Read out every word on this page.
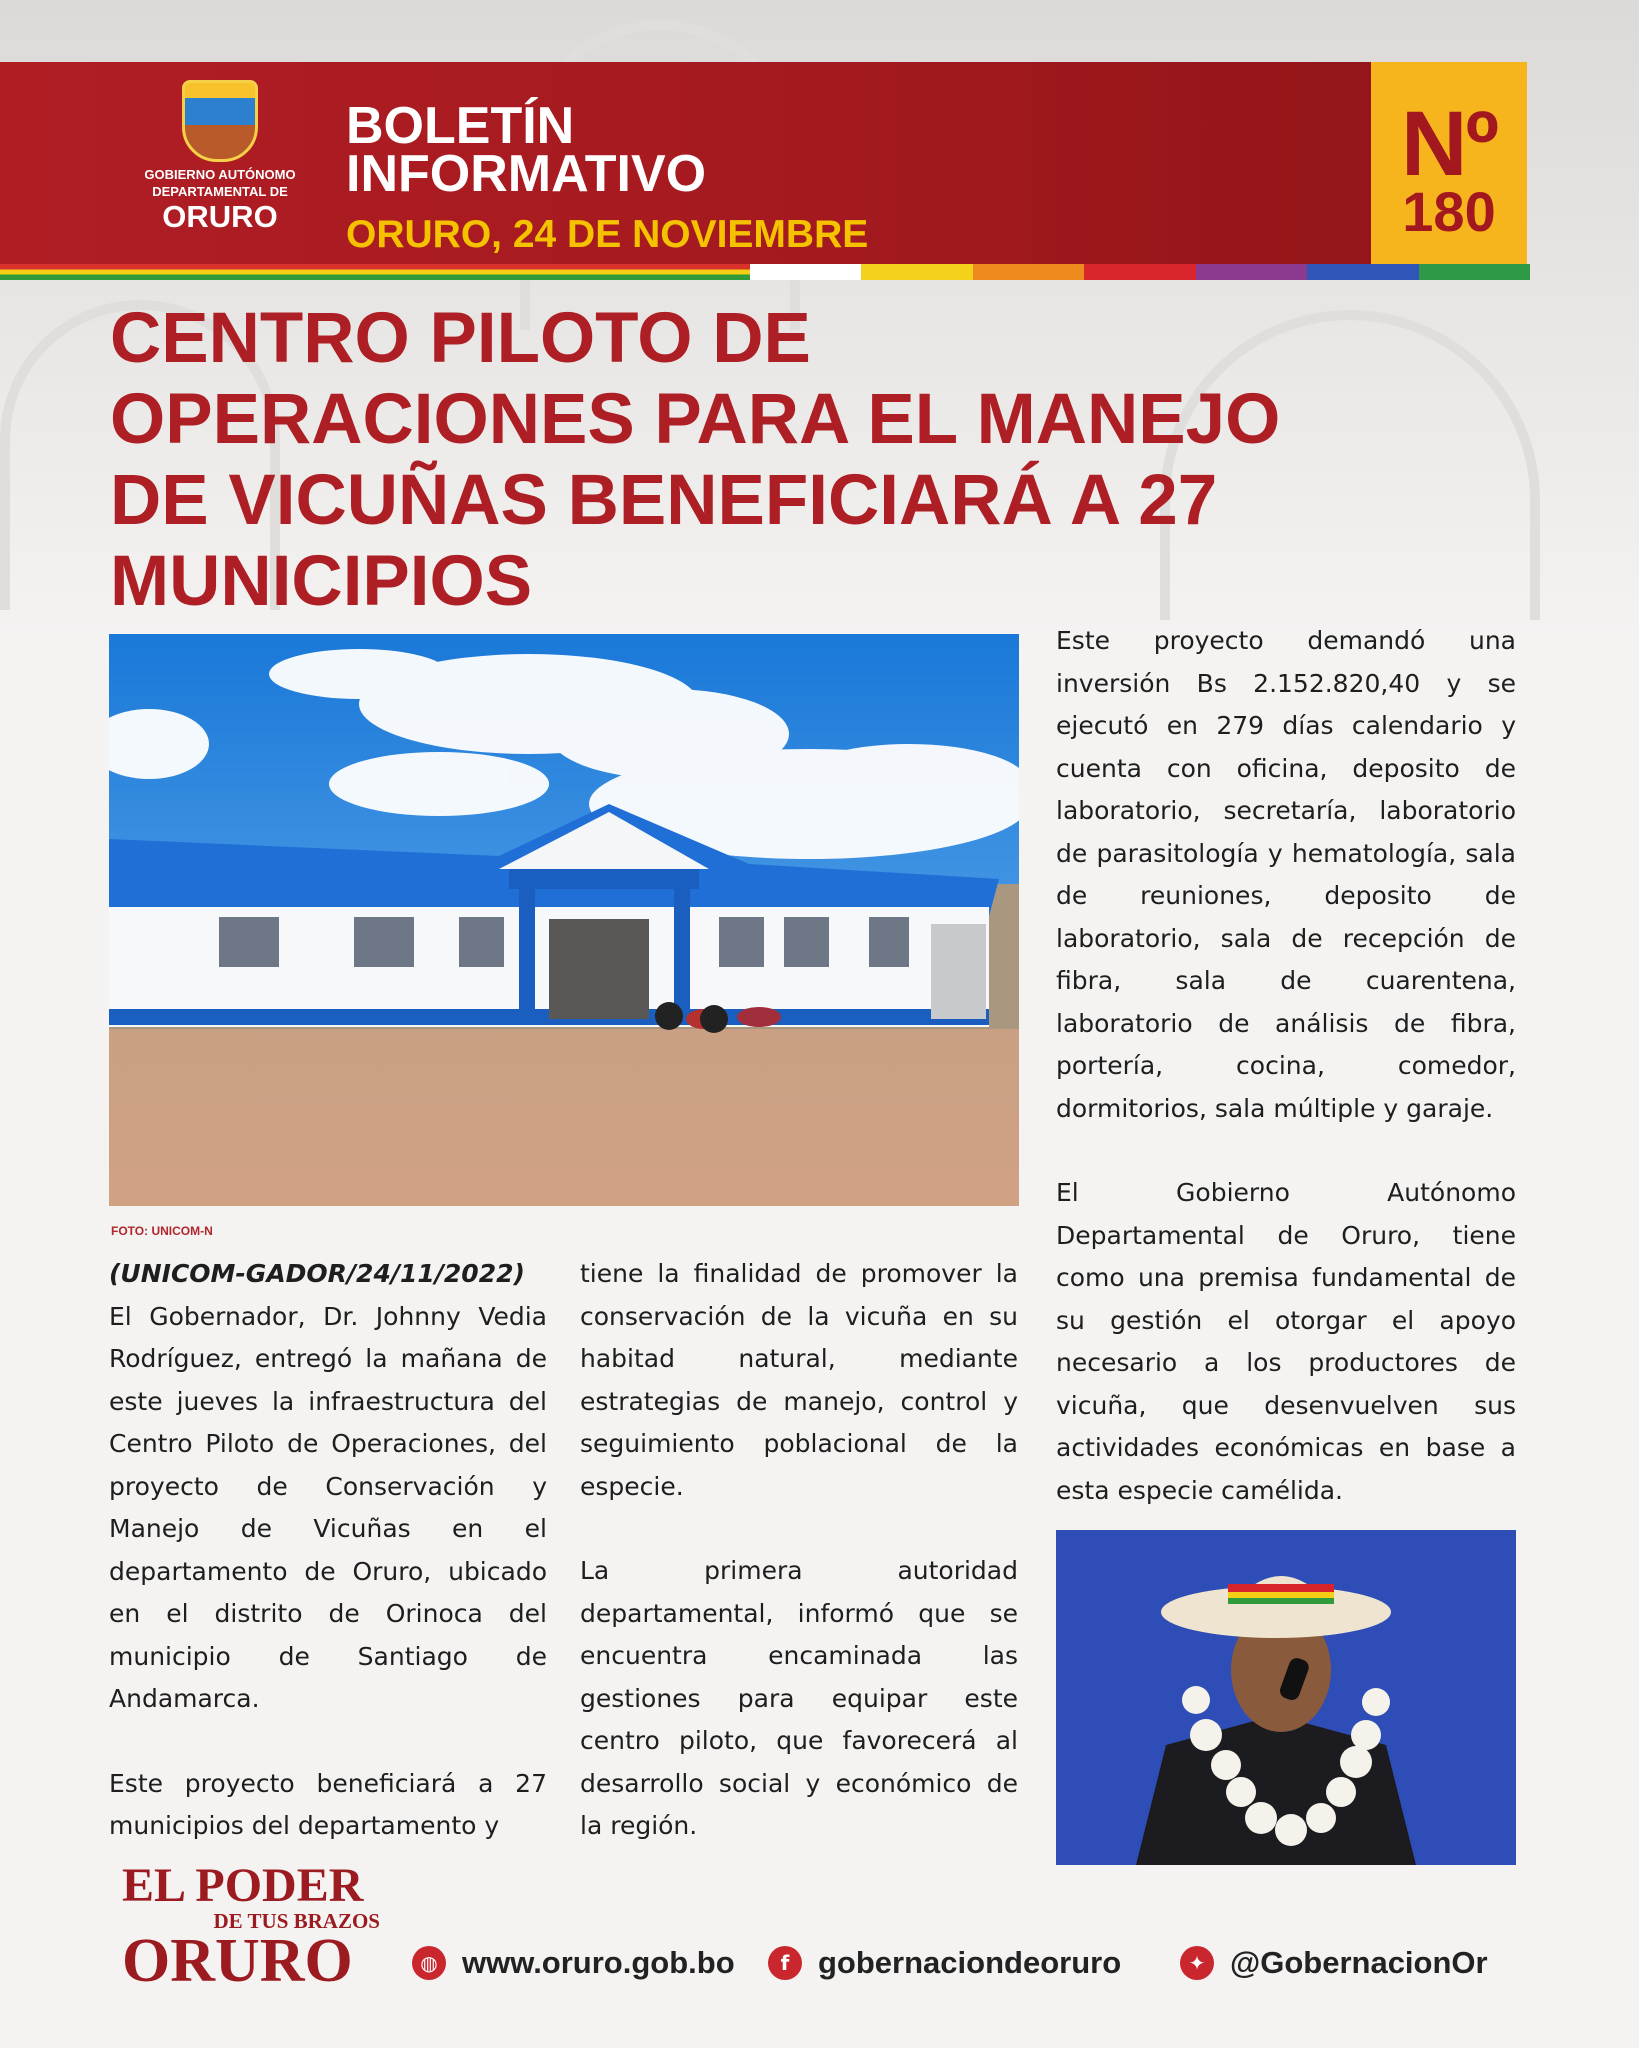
GOBIERNO AUTÓNOMO
DEPARTAMENTAL DE
ORURO
BOLETÍN
INFORMATIVO
ORURO, 24 DE NOVIEMBRE
Nº
180
CENTRO PILOTO DE
OPERACIONES PARA EL MANEJO
DE VICUÑAS BENEFICIARÁ A 27
MUNICIPIOS
FOTO: UNICOM-N

(UNICOM-GADOR/24/11/2022)

El Gobernador, Dr. Johnny Vedia Rodríguez, entregó la mañana de este jueves la infraestructura del Centro Piloto de Operaciones, del proyecto de Conservación y Manejo de Vicuñas en el departamento de Oruro, ubicado en el distrito de Orinoca del municipio de Santiago de Andamarca.

Este proyecto beneficiará a 27 municipios del departamento y

tiene la finalidad de promover la conservación de la vicuña en su habitad natural, mediante estrategias de manejo, control y seguimiento poblacional de la especie.

La primera autoridad departamental, informó que se encuentra encaminada las gestiones para equipar este centro piloto, que favorecerá al desarrollo social y económico de la región.

Este proyecto demandó una inversión Bs 2.152.820,40 y se ejecutó en 279 días calendario y cuenta con oficina, deposito de laboratorio, secretaría, laboratorio de parasitología y hematología, sala de reuniones, deposito de laboratorio, sala de recepción de fibra, sala de cuarentena, laboratorio de análisis de fibra, portería, cocina, comedor, dormitorios, sala múltiple y garaje.

El Gobierno Autónomo Departamental de Oruro, tiene como una premisa fundamental de su gestión el otorgar el apoyo necesario a los productores de vicuña, que desenvuelven sus actividades económicas en base a esta especie camélida.

EL PODER
DE TUS BRAZOS
ORURO	◍ www.oruro.gob.bo	f gobernaciondeoruro	✦ @GobernacionOr
